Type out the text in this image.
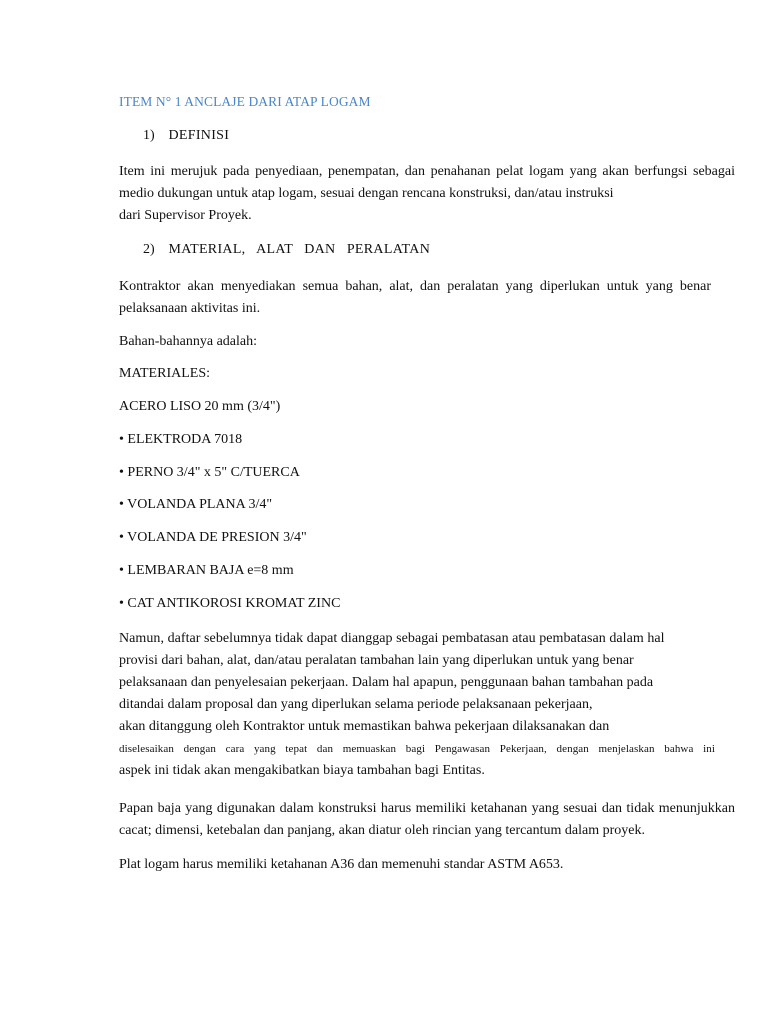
ITEM N° 1 ANCLAJE DARI ATAP LOGAM
1) DEFINISI
Item ini merujuk pada penyediaan, penempatan, dan penahanan pelat logam yang akan berfungsi sebagai
medio dukungan untuk atap logam, sesuai dengan rencana konstruksi, dan/atau instruksi
dari Supervisor Proyek.
2) MATERIAL,   ALAT   DAN   PERALATAN
Kontraktor akan menyediakan semua bahan, alat, dan peralatan yang diperlukan untuk yang benar
pelaksanaan aktivitas ini.
Bahan-bahannya adalah:
MATERIALES:
ACERO LISO 20 mm (3/4")
• ELEKTRODA 7018
• PERNO 3/4" x 5" C/TUERCA
• VOLANDA PLANA 3/4"
• VOLANDA DE PRESION 3/4"
• LEMBARAN BAJA e=8 mm
• CAT ANTIKOROSI KROMAT ZINC
Namun, daftar sebelumnya tidak dapat dianggap sebagai pembatasan atau pembatasan dalam hal
provisi dari bahan, alat, dan/atau peralatan tambahan lain yang diperlukan untuk yang benar
pelaksanaan dan penyelesaian pekerjaan. Dalam hal apapun, penggunaan bahan tambahan pada
ditandai dalam proposal dan yang diperlukan selama periode pelaksanaan pekerjaan,
akan ditanggung oleh Kontraktor untuk memastikan bahwa pekerjaan dilaksanakan dan
diselesaikan dengan cara yang tepat dan memuaskan bagi Pengawasan Pekerjaan, dengan menjelaskan bahwa ini
aspek ini tidak akan mengakibatkan biaya tambahan bagi Entitas.
Papan baja yang digunakan dalam konstruksi harus memiliki ketahanan yang sesuai dan tidak menunjukkan
cacat; dimensi, ketebalan dan panjang, akan diatur oleh rincian yang tercantum dalam proyek.
Plat logam harus memiliki ketahanan A36 dan memenuhi standar ASTM A653.
